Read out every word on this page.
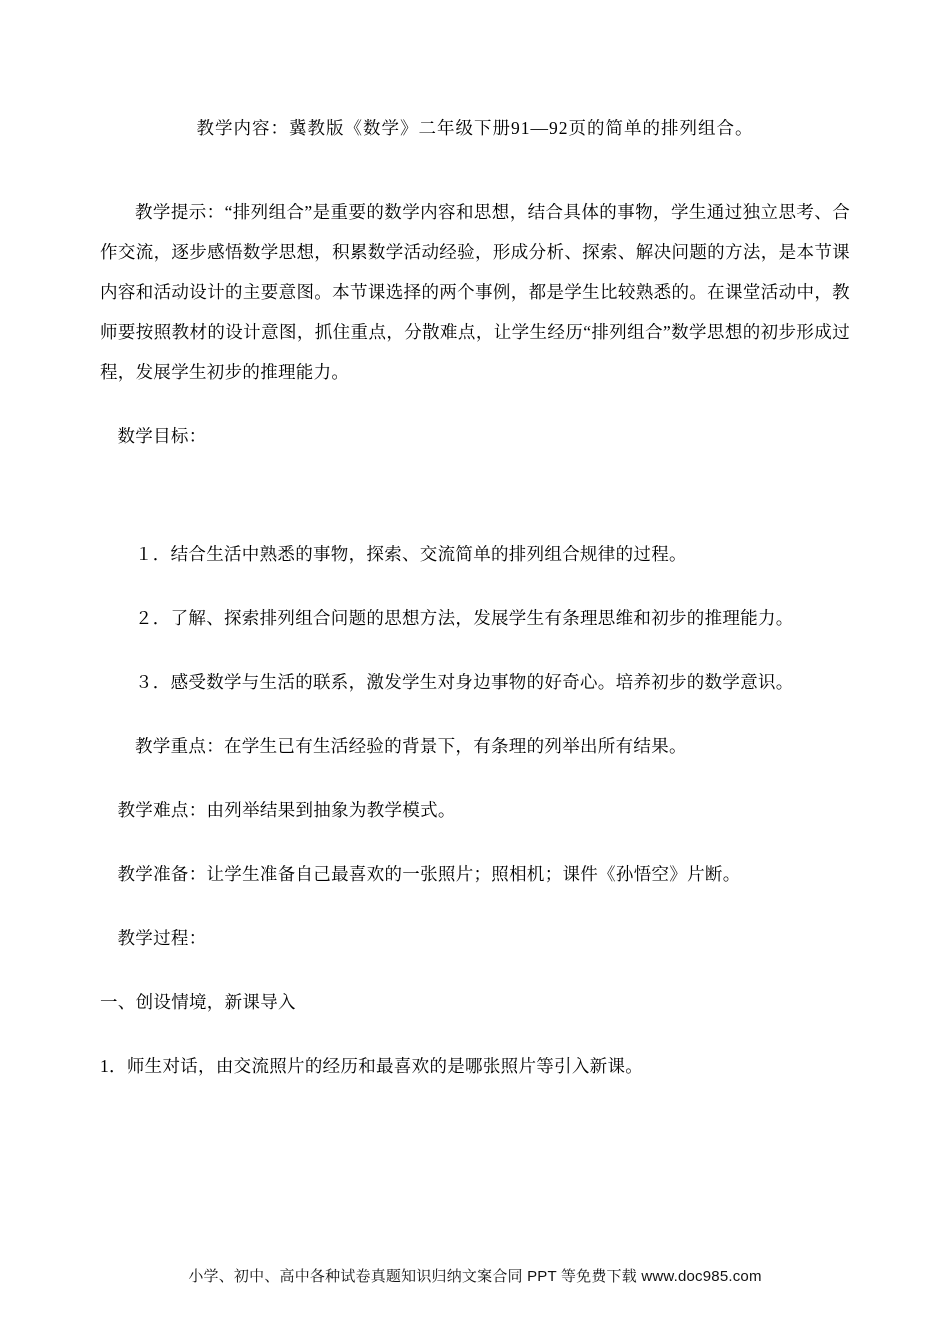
教学内容：冀教版《数学》二年级下册91—92页的简单的排列组合。

教学提示：“排列组合”是重要的数学内容和思想，结合具体的事物，学生通过独立思考、合作交流，逐步感悟数学思想，积累数学活动经验，形成分析、探索、解决问题的方法，是本节课内容和活动设计的主要意图。本节课选择的两个事例，都是学生比较熟悉的。在课堂活动中，教师要按照教材的设计意图，抓住重点，分散难点，让学生经历“排列组合”数学思想的初步形成过程，发展学生初步的推理能力。

数学目标：

１．结合生活中熟悉的事物，探索、交流简单的排列组合规律的过程。

２．了解、探索排列组合问题的思想方法，发展学生有条理思维和初步的推理能力。

３．感受数学与生活的联系，激发学生对身边事物的好奇心。培养初步的数学意识。

教学重点：在学生已有生活经验的背景下，有条理的列举出所有结果。

教学难点：由列举结果到抽象为教学模式。

教学准备：让学生准备自己最喜欢的一张照片；照相机；课件《孙悟空》片断。

教学过程：

一、创设情境，新课导入

1．师生对话，由交流照片的经历和最喜欢的是哪张照片等引入新课。

小学、初中、高中各种试卷真题知识归纳文案合同 PPT 等免费下载 www.doc985.com
